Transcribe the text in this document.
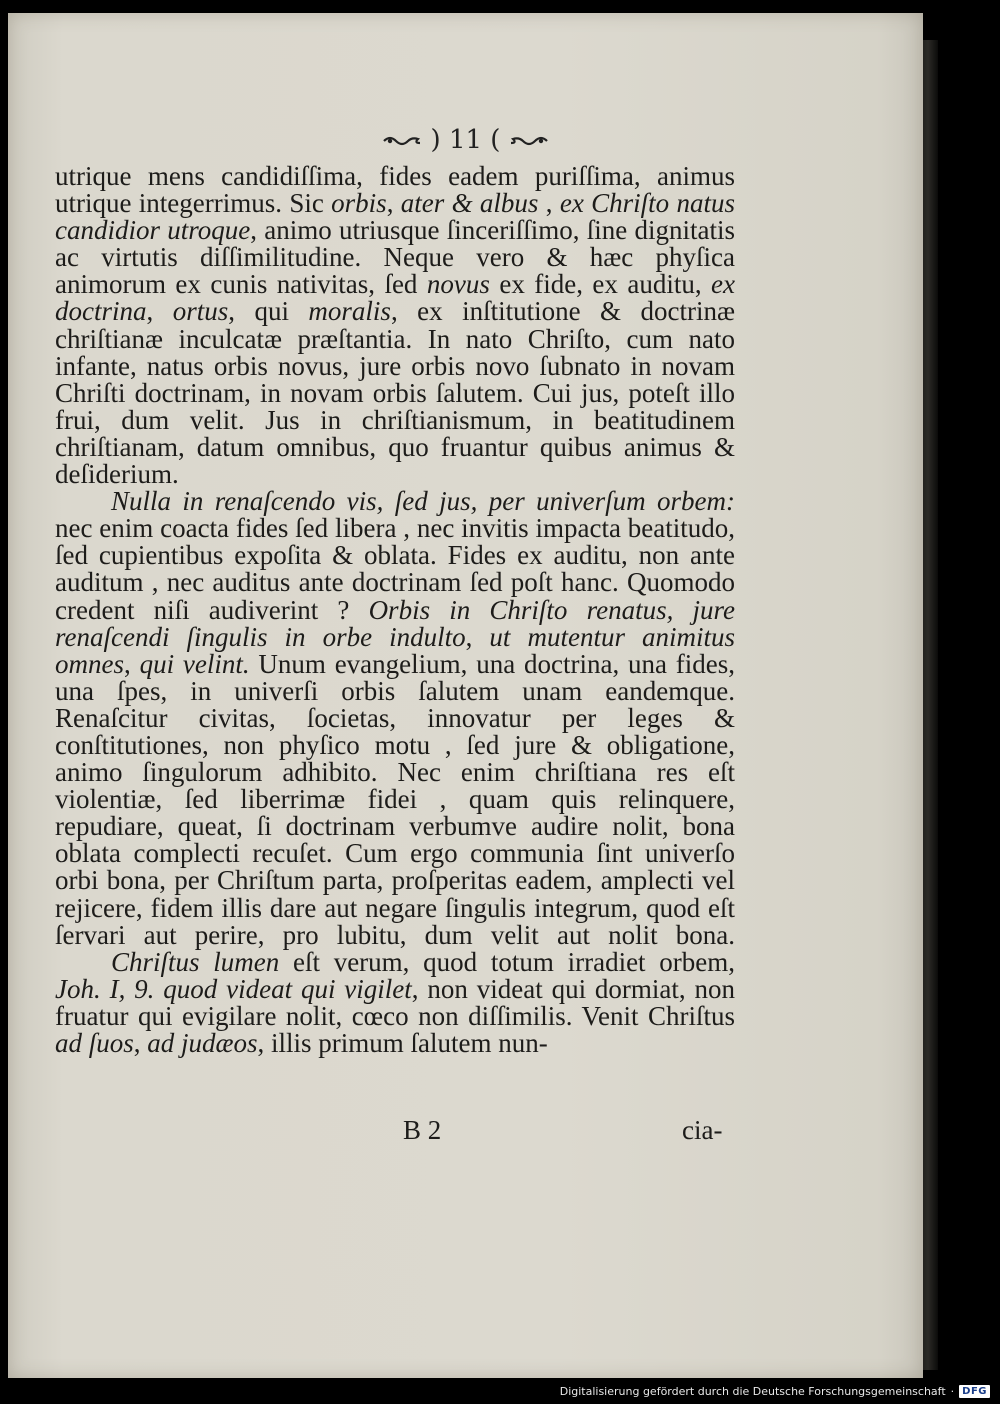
) 11 (

utrique mens candidiſſima, fides eadem puriſſima, animus utrique integerrimus. Sic orbis, ater & albus , ex Chriſto natus candidior utroque, animo utriusque ſinceriſſimo, ſine dignitatis ac virtutis diſſimilitudine. Neque vero & hæc phyſica animorum ex cunis nativitas, ſed novus ex fide, ex auditu, ex doctrina, ortus, qui moralis, ex inſtitutione & doctrinæ chriſtianæ inculcatæ præſtantia. In nato Chriſto, cum nato infante, natus orbis novus, jure orbis novo ſubnato in novam Chriſti doctrinam, in novam orbis ſalutem. Cui jus, poteſt illo frui, dum velit. Jus in chriſtianismum, in beatitudinem chriſtianam, datum omnibus, quo fruantur quibus animus & deſiderium.

Nulla in renaſcendo vis, ſed jus, per univerſum orbem: nec enim coacta fides ſed libera , nec invitis impacta beatitudo, ſed cupientibus expoſita & oblata. Fides ex auditu, non ante auditum , nec auditus ante doctrinam ſed poſt hanc. Quomodo credent niſi audiverint ? Orbis in Chriſto renatus, jure renaſcendi ſingulis in orbe indulto, ut mutentur animitus omnes, qui velint. Unum evangelium, una doctrina, una fides, una ſpes, in univerſi orbis ſalutem unam eandemque. Renaſcitur civitas, ſocietas, innovatur per leges & conſtitutiones, non phyſico motu , ſed jure & obligatione, animo ſingulorum adhibito. Nec enim chriſtiana res eſt violentiæ, ſed liberrimæ fidei , quam quis relinquere, repudiare, queat, ſi doctrinam verbumve audire nolit, bona oblata complecti recuſet. Cum ergo communia ſint univerſo orbi bona, per Chriſtum parta, proſperitas eadem, amplecti vel rejicere, fidem illis dare aut negare ſingulis integrum, quod eſt ſervari aut perire, pro lubitu, dum velit aut nolit bona.

Chriſtus lumen eſt verum, quod totum irradiet orbem, Joh. I, 9. quod videat qui vigilet, non videat qui dormiat, non fruatur qui evigilare nolit, cœco non diſſimilis. Venit Chriſtus ad ſuos, ad judæos, illis primum ſalutem nun-

B 2	cia-
Digitalisierung gefördert durch die Deutsche Forschungsgemeinschaft · DFG
